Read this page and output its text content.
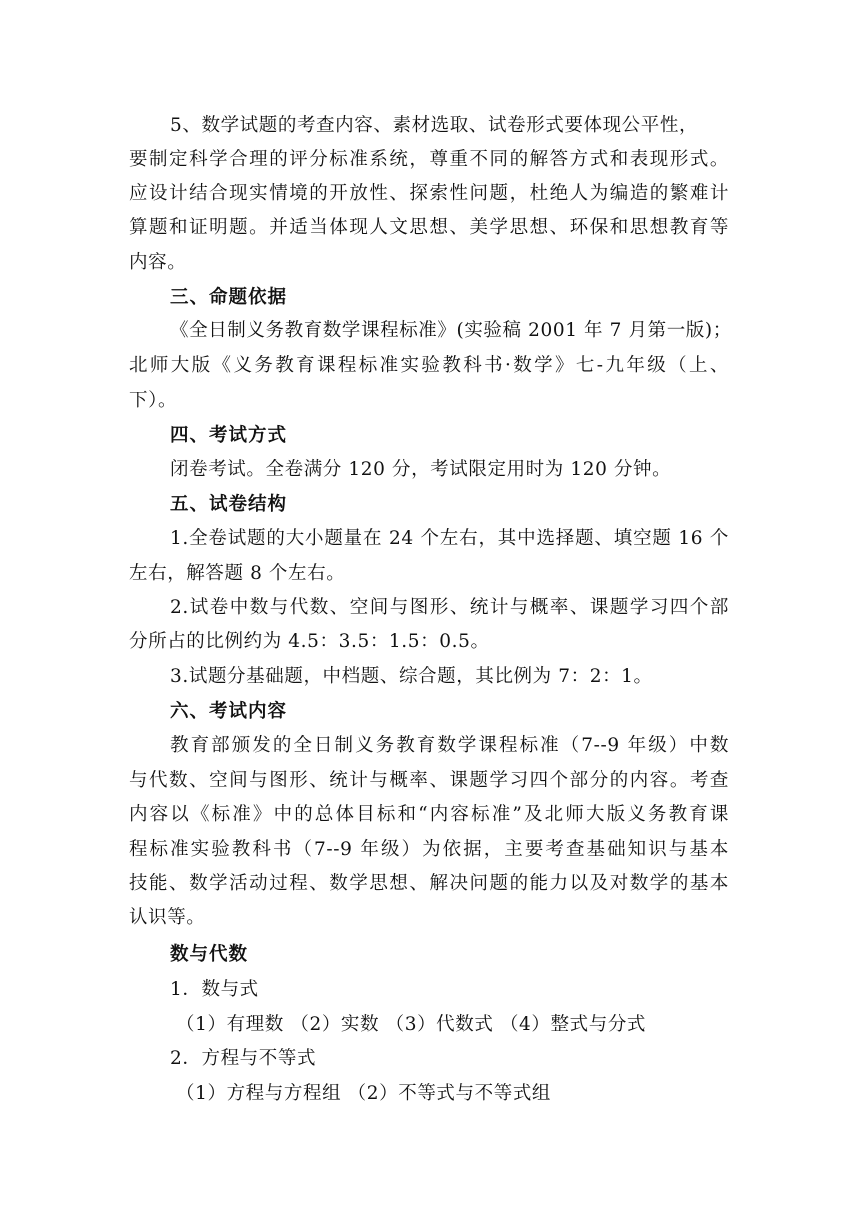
5、数学试题的考查内容、素材选取、试卷形式要体现公平性，
要制定科学合理的评分标准系统，尊重不同的解答方式和表现形式。
应设计结合现实情境的开放性、探索性问题，杜绝人为编造的繁难计
算题和证明题。并适当体现人文思想、美学思想、环保和思想教育等
内容。
三、命题依据
《全日制义务教育数学课程标准》(实验稿 2001 年 7 月第一版)；
北师大版《义务教育课程标准实验教科书·数学》七-九年级（上、
下）。
四、考试方式
闭卷考试。全卷满分 120 分，考试限定用时为 120 分钟。
五、试卷结构
1.全卷试题的大小题量在 24 个左右，其中选择题、填空题 16 个
左右，解答题 8 个左右。
2.试卷中数与代数、空间与图形、统计与概率、课题学习四个部
分所占的比例约为 4.5：3.5：1.5：0.5。
3.试题分基础题，中档题、综合题，其比例为 7：2：1。
六、考试内容
教育部颁发的全日制义务教育数学课程标准（7--9 年级）中数
与代数、空间与图形、统计与概率、课题学习四个部分的内容。考查
内容以《标准》中的总体目标和“内容标准”及北师大版义务教育课
程标准实验教科书（7--9 年级）为依据，主要考查基础知识与基本
技能、数学活动过程、数学思想、解决问题的能力以及对数学的基本
认识等。
数与代数
1．数与式
（1）有理数 （2）实数 （3）代数式 （4）整式与分式
2．方程与不等式
（1）方程与方程组 （2）不等式与不等式组
